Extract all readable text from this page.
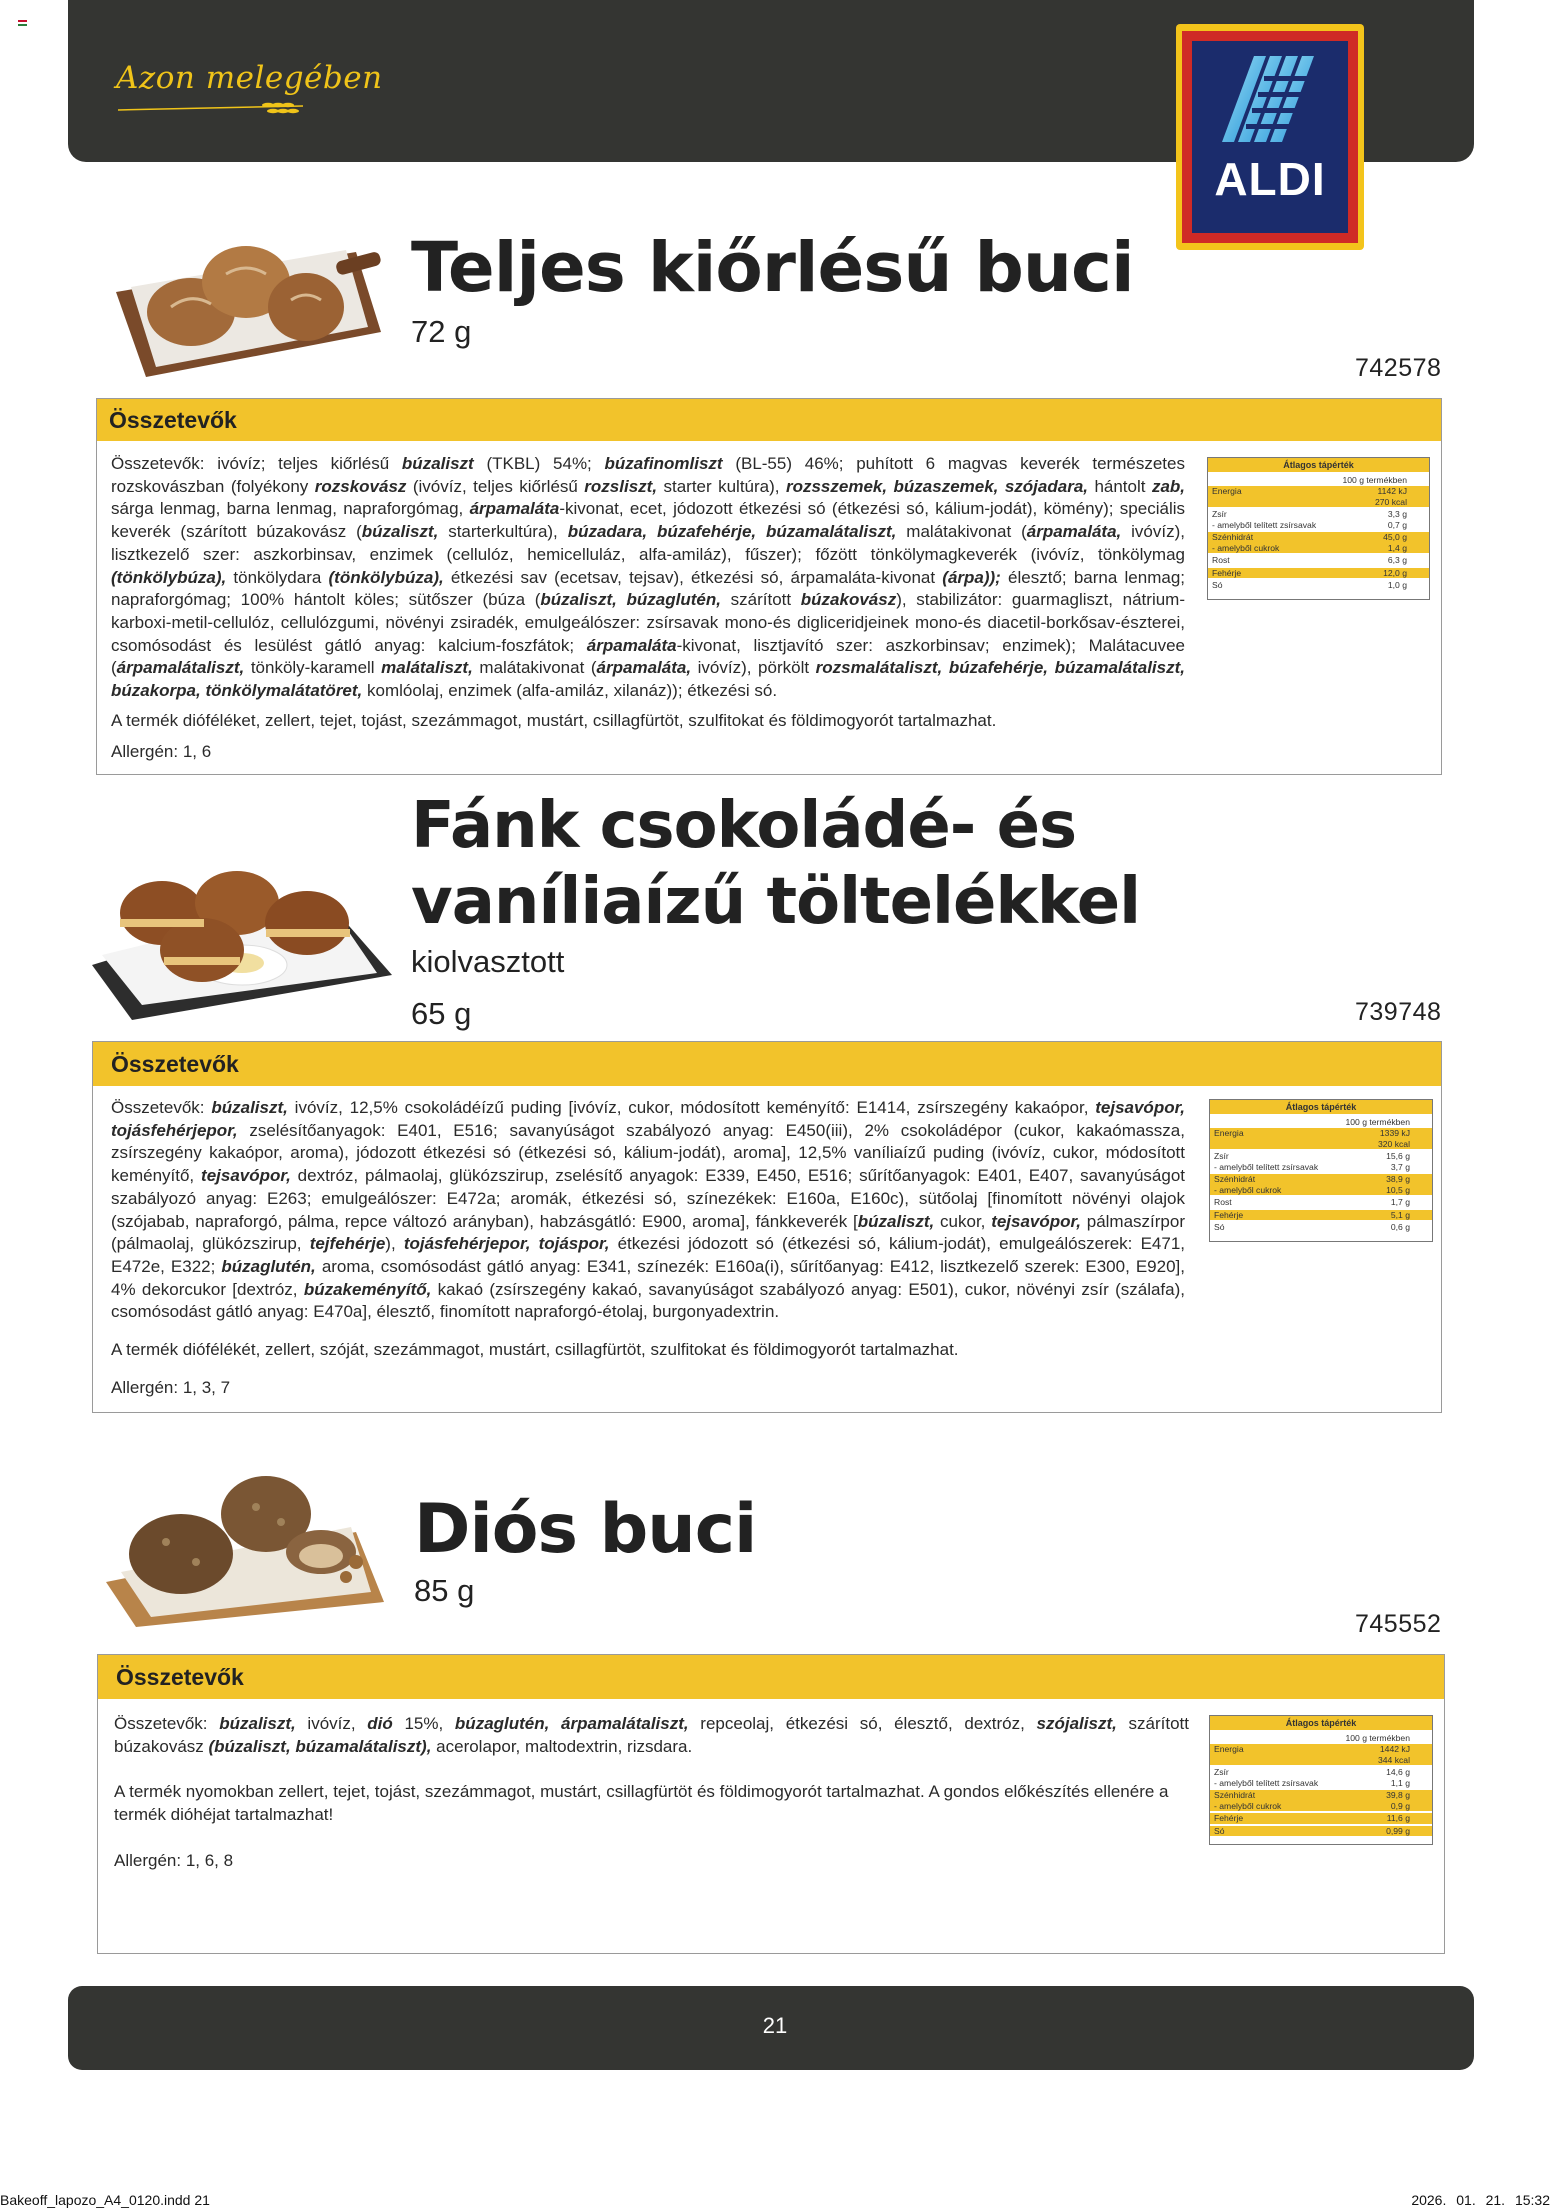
Azon melegében
ALDI
Teljes kiőrlésű buci
72 g
742578
Összetevők
Összetevők: ivóvíz; teljes kiőrlésű búzaliszt (TKBL) 54%; búzafinomliszt (BL-55) 46%; puhított 6 magvas keverék természetes rozskovászban (folyékony rozskovász (ivóvíz, teljes kiőrlésű rozsliszt, starter kultúra), rozsszemek, búzaszemek, szójadara, hántolt zab, sárga lenmag, barna lenmag, napraforgómag, árpamaláta-kivonat, ecet, jódozott étkezési só (étkezési só, kálium-jodát), kömény); speciális keverék (szárított búzakovász (búzaliszt, starterkultúra), búzadara, búzafehérje, búzamalátaliszt, malátakivonat (árpamaláta, ivóvíz), lisztkezelő szer: aszkorbinsav, enzimek (cellulóz, hemicelluláz, alfa-amiláz), fűszer); főzött tönkölymagkeverék (ivóvíz, tönkölymag (tönkölybúza), tönkölydara (tönkölybúza), étkezési sav (ecetsav, tejsav), étkezési só, árpamaláta-kivonat (árpa)); élesztő; barna lenmag; napraforgómag; 100% hántolt köles; sütőszer (búza (búzaliszt, búzaglutén, szárított búzakovász), stabilizátor: guarmagliszt, nátrium-karboxi-metil-cellulóz, cellulózgumi, növényi zsiradék, emulgeálószer: zsírsavak mono-és digliceridjeinek mono-és diacetil-borkősav-észterei, csomósodást és lesülést gátló anyag: kalcium-foszfátok; árpamaláta-kivonat, lisztjavító szer: aszkorbinsav; enzimek); Malátacuvee (árpamalátaliszt, tönköly-karamell malátaliszt, malátakivonat (árpamaláta, ivóvíz), pörkölt rozsmalátaliszt, búzafehérje, búzamalátaliszt, búzakorpa, tönkölymalátatöret, komlóolaj, enzimek (alfa-amiláz, xilanáz)); étkezési só.
A termék dióféléket, zellert, tejet, tojást, szezámmagot, mustárt, csillagfürtöt, szulfitokat és földimogyorót tartalmazhat.
Allergén: 1, 6
Átlagos tápérték
100 g termékben
Energia	1142 kJ
270 kcal
Zsír	3,3 g
- amelyből telített zsírsavak	0,7 g
Szénhidrát	45,0 g
- amelyből cukrok	1,4 g
Rost	6,3 g
Fehérje	12,0 g
Só	1,0 g
Fánk csokoládé- és vaníliaízű töltelékkel
kiolvasztott
65 g	739748
Összetevők
Összetevők: búzaliszt, ivóvíz, 12,5% csokoládéízű puding [ivóvíz, cukor, módosított keményítő: E1414, zsírszegény kakaópor, tejsavópor, tojásfehérjepor, zselésítőanyagok: E401, E516; savanyúságot szabályozó anyag: E450(iii), 2% csokoládépor (cukor, kakaómassza, zsírszegény kakaópor, aroma), jódozott étkezési só (étkezési só, kálium-jodát), aroma], 12,5% vaníliaízű puding (ivóvíz, cukor, módosított keményítő, tejsavópor, dextróz, pálmaolaj, glükózszirup, zselésítő anyagok: E339, E450, E516; sűrítőanyagok: E401, E407, savanyúságot szabályozó anyag: E263; emulgeálószer: E472a; aromák, étkezési só, színezékek: E160a, E160c), sütőolaj [finomított növényi olajok (szójabab, napraforgó, pálma, repce változó arányban), habzásgátló: E900, aroma], fánkkeverék [búzaliszt, cukor, tejsavópor, pálmaszírpor (pálmaolaj, glükózszirup, tejfehérje), tojásfehérjepor, tojáspor, étkezési jódozott só (étkezési só, kálium-jodát), emulgeálószerek: E471, E472e, E322; búzaglutén, aroma, csomósodást gátló anyag: E341, színezék: E160a(i), sűrítőanyag: E412, lisztkezelő szerek: E300, E920], 4% dekorcukor [dextróz, búzakeményítő, kakaó (zsírszegény kakaó, savanyúságot szabályozó anyag: E501), cukor, növényi zsír (szálafa), csomósodást gátló anyag: E470a], élesztő, finomított napraforgó-étolaj, burgonyadextrin.
A termék diófélékét, zellert, szóját, szezámmagot, mustárt, csillagfürtöt, szulfitokat és földimogyorót tartalmazhat.
Allergén: 1, 3, 7
Átlagos tápérték
100 g termékben
Energia	1339 kJ
320 kcal
Zsír	15,6 g
- amelyből telített zsírsavak	3,7 g
Szénhidrát	38,9 g
- amelyből cukrok	10,5 g
Rost	1,7 g
Fehérje	5,1 g
Só	0,6 g
Diós buci
85 g
745552
Összetevők
Összetevők: búzaliszt, ivóvíz, dió 15%, búzaglutén, árpamalátaliszt, repceolaj, étkezési só, élesztő, dextróz, szójaliszt, szárított búzakovász (búzaliszt, búzamalátaliszt), acerolapor, maltodextrin, rizsdara.
A termék nyomokban zellert, tejet, tojást, szezámmagot, mustárt, csillagfürtöt és földimogyorót tartalmazhat. A gondos előkészítés ellenére a termék dióhéjat tartalmazhat!
Allergén: 1, 6, 8
Átlagos tápérték
100 g termékben
Energia	1442 kJ
344 kcal
Zsír	14,6 g
- amelyből telített zsírsavak	1,1 g
Szénhidrát	39,8 g
- amelyből cukrok	0,9 g
Fehérje	11,6 g
Só	0,99 g
21
Bakeoff_lapozo_A4_0120.indd 21	2026. 01. 21. 15:32
